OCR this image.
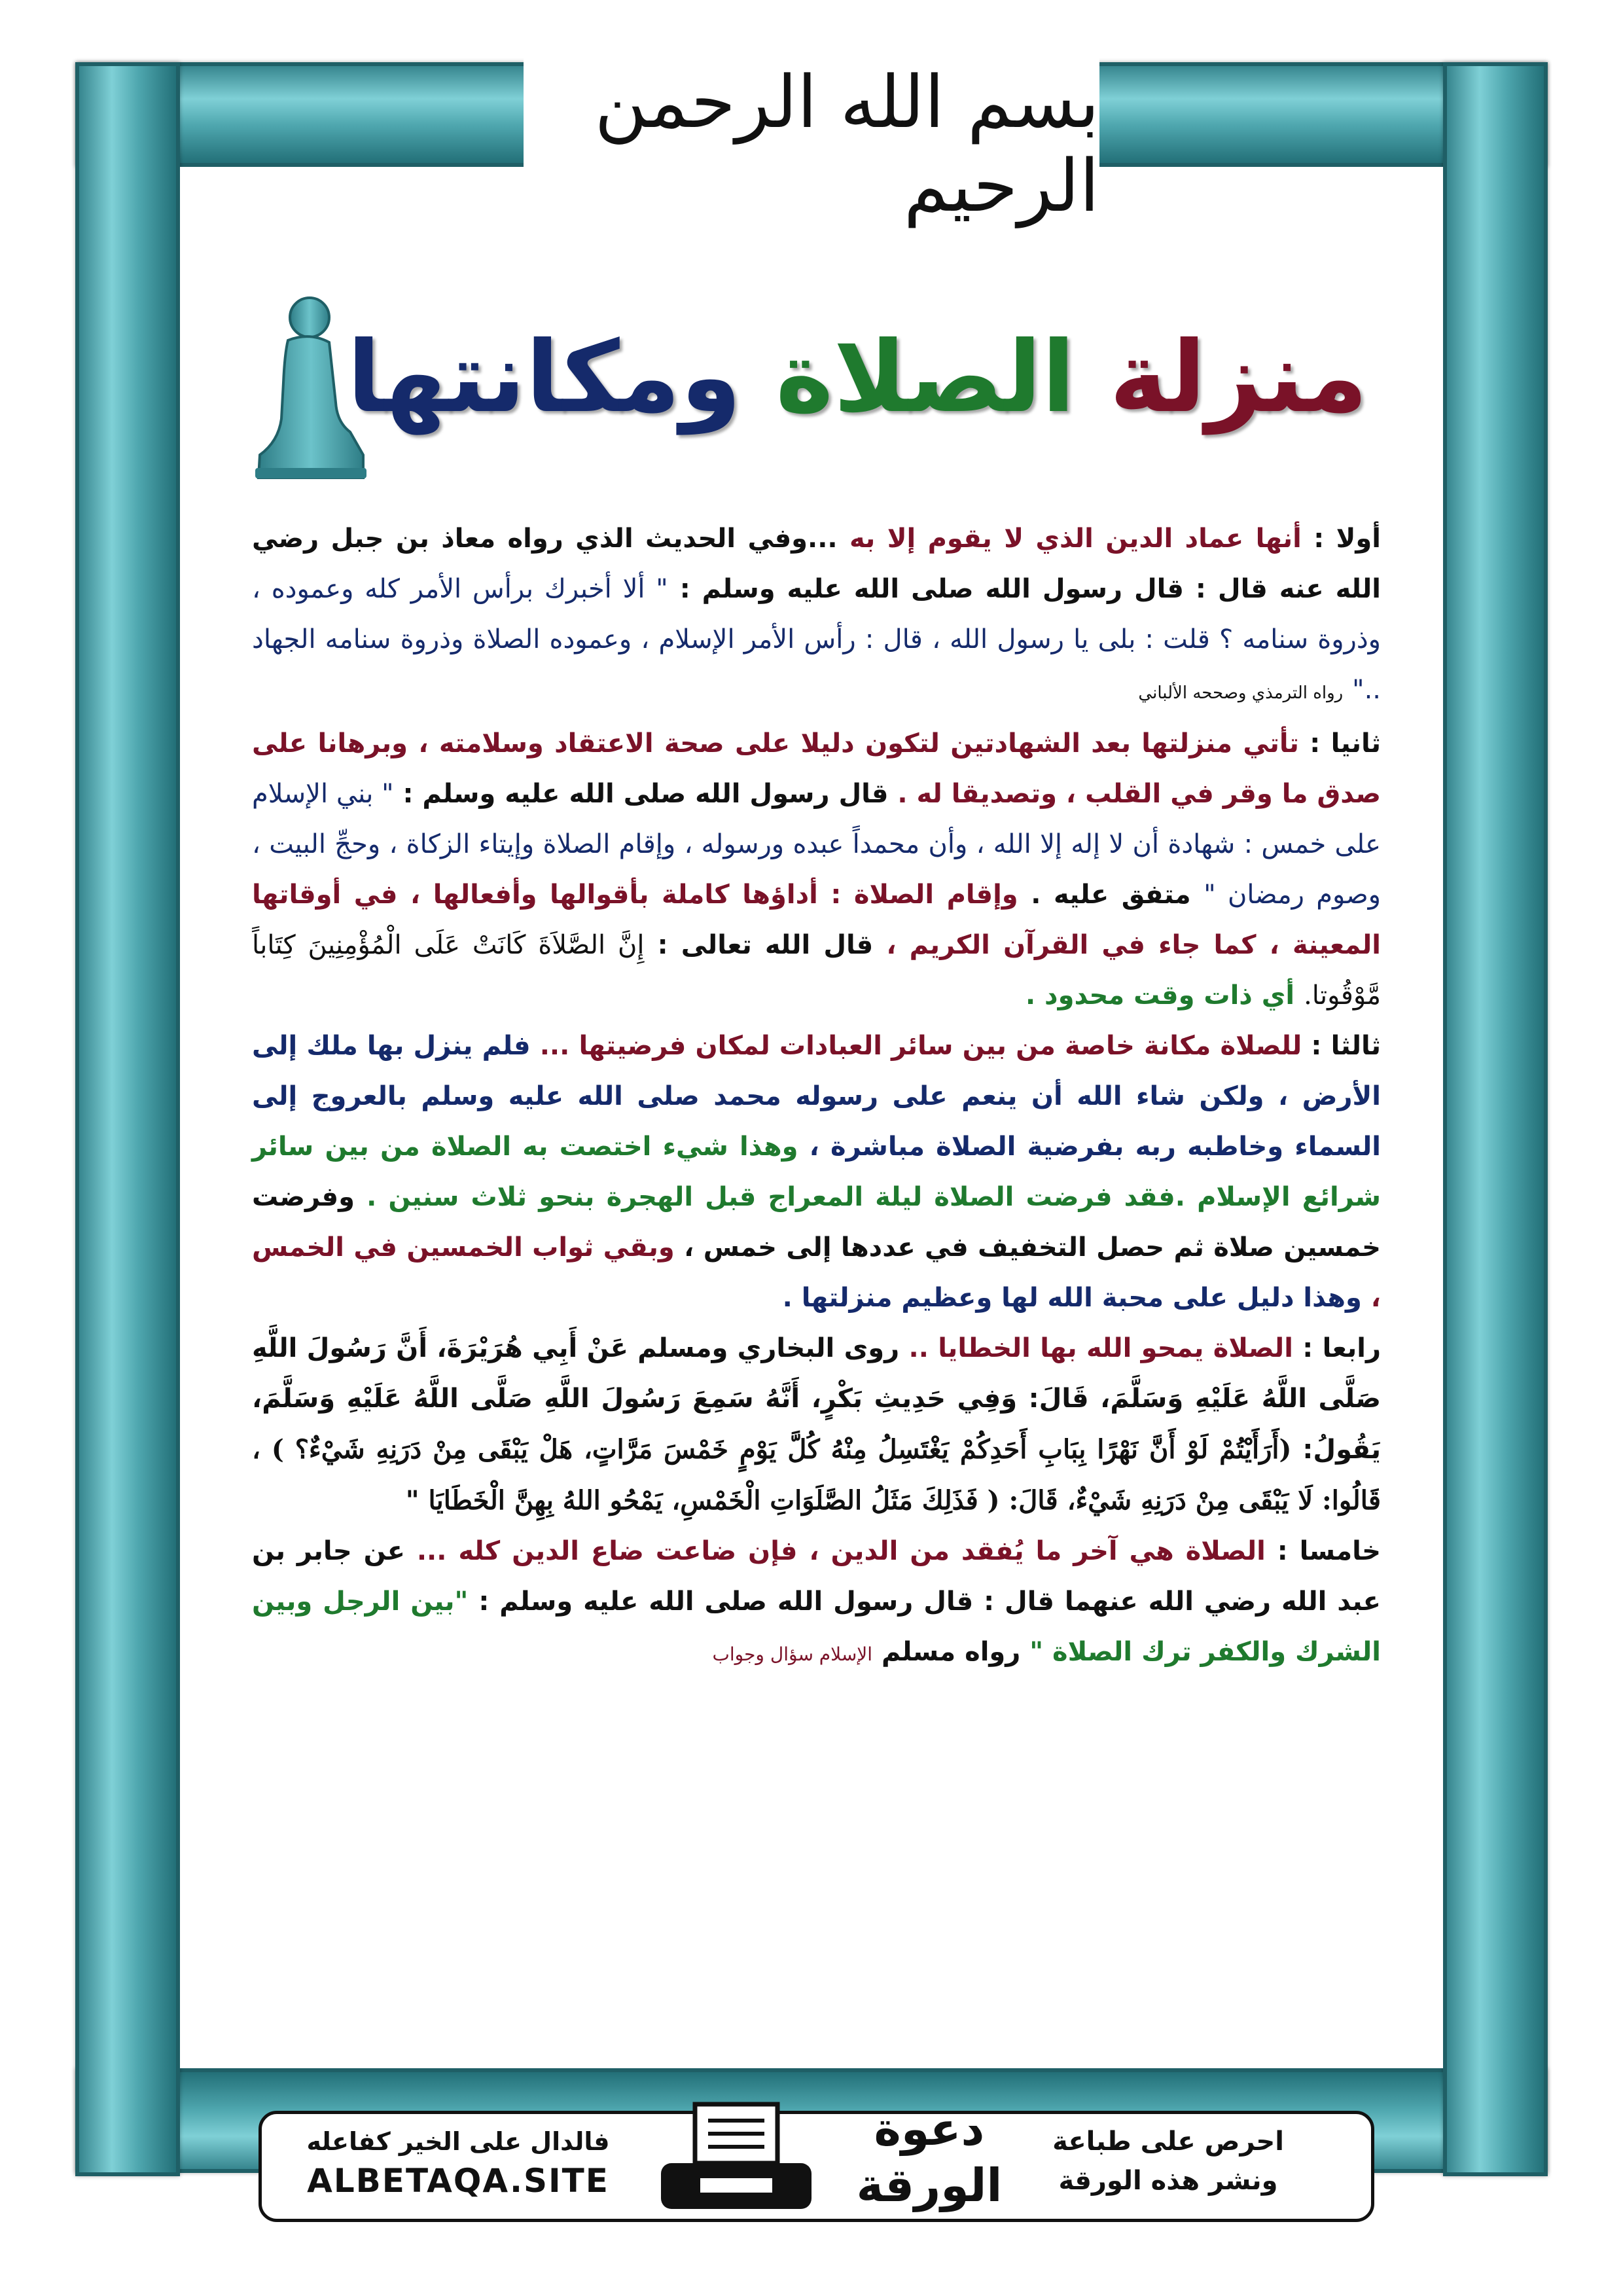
بسم الله الرحمن الرحيم
منزلة الصلاة ومكانتها

أولا : أنها عماد الدين الذي لا يقوم إلا به ...وفي الحديث الذي رواه معاذ بن جبل رضي الله عنه قال : قال رسول الله صلى الله عليه وسلم : " ألا أخبرك برأس الأمر كله وعموده ، وذروة سنامه ؟ قلت : بلى يا رسول الله ، قال : رأس الأمر الإسلام ، وعموده الصلاة وذروة سنامه الجهاد .." رواه الترمذي وصححه الألباني

ثانيا : تأتي منزلتها بعد الشهادتين لتكون دليلا على صحة الاعتقاد وسلامته ، وبرهانا على صدق ما وقر في القلب ، وتصديقا له . قال رسول الله صلى الله عليه وسلم : " بني الإسلام على خمس : شهادة أن لا إله إلا الله ، وأن محمداً عبده ورسوله ، وإقام الصلاة وإيتاء الزكاة ، وحجِّ البيت ، وصوم رمضان " متفق عليه . وإقام الصلاة : أداؤها كاملة بأقوالها وأفعالها ، في أوقاتها المعينة ، كما جاء في القرآن الكريم ، قال الله تعالى : إِنَّ الصَّلاَةَ كَانَتْ عَلَى الْمُؤْمِنِينَ كِتَاباً مَّوْقُوتا. أي ذات وقت محدود .

ثالثا : للصلاة مكانة خاصة من بين سائر العبادات لمكان فرضيتها ... فلم ينزل بها ملك إلى الأرض ، ولكن شاء الله أن ينعم على رسوله محمد صلى الله عليه وسلم بالعروج إلى السماء وخاطبه ربه بفرضية الصلاة مباشرة ، وهذا شيء اختصت به الصلاة من بين سائر شرائع الإسلام .فقد فرضت الصلاة ليلة المعراج قبل الهجرة بنحو ثلاث سنين . وفرضت خمسين صلاة ثم حصل التخفيف في عددها إلى خمس ، وبقي ثواب الخمسين في الخمس ، وهذا دليل على محبة الله لها وعظيم منزلتها .

رابعا : الصلاة يمحو الله بها الخطايا .. روى البخاري ومسلم عَنْ أَبِي هُرَيْرَةَ، أَنَّ رَسُولَ اللَّهِ صَلَّى اللَّهُ عَلَيْهِ وَسَلَّمَ، قَالَ: وَفِي حَدِيثِ بَكْرٍ، أَنَّهُ سَمِعَ رَسُولَ اللَّهِ صَلَّى اللَّهُ عَلَيْهِ وَسَلَّمَ، يَقُولُ: (أَرَأَيْتُمْ لَوْ أَنَّ نَهْرًا بِبَابِ أَحَدِكُمْ يَغْتَسِلُ مِنْهُ كُلَّ يَوْمٍ خَمْسَ مَرَّاتٍ، هَلْ يَبْقَى مِنْ دَرَنِهِ شَيْءٌ؟ ) ، قَالُوا: لَا يَبْقَى مِنْ دَرَنِهِ شَيْءٌ، قَالَ: ( فَذَلِكَ مَثَلُ الصَّلَوَاتِ الْخَمْسِ، يَمْحُو اللهُ بِهِنَّ الْخَطَايَا "

خامسا : الصلاة هي آخر ما يُفقد من الدين ، فإن ضاعت ضاع الدين كله ... عن جابر بن عبد الله رضي الله عنهما قال : قال رسول الله صلى الله عليه وسلم : "بين الرجل وبين الشرك والكفر ترك الصلاة " رواه مسلم الإسلام سؤال وجواب

احرص على طباعة
ونشر هذه الورقة
دعوة
الورقة
فالدال على الخير كفاعله
ALBETAQA.SITE
